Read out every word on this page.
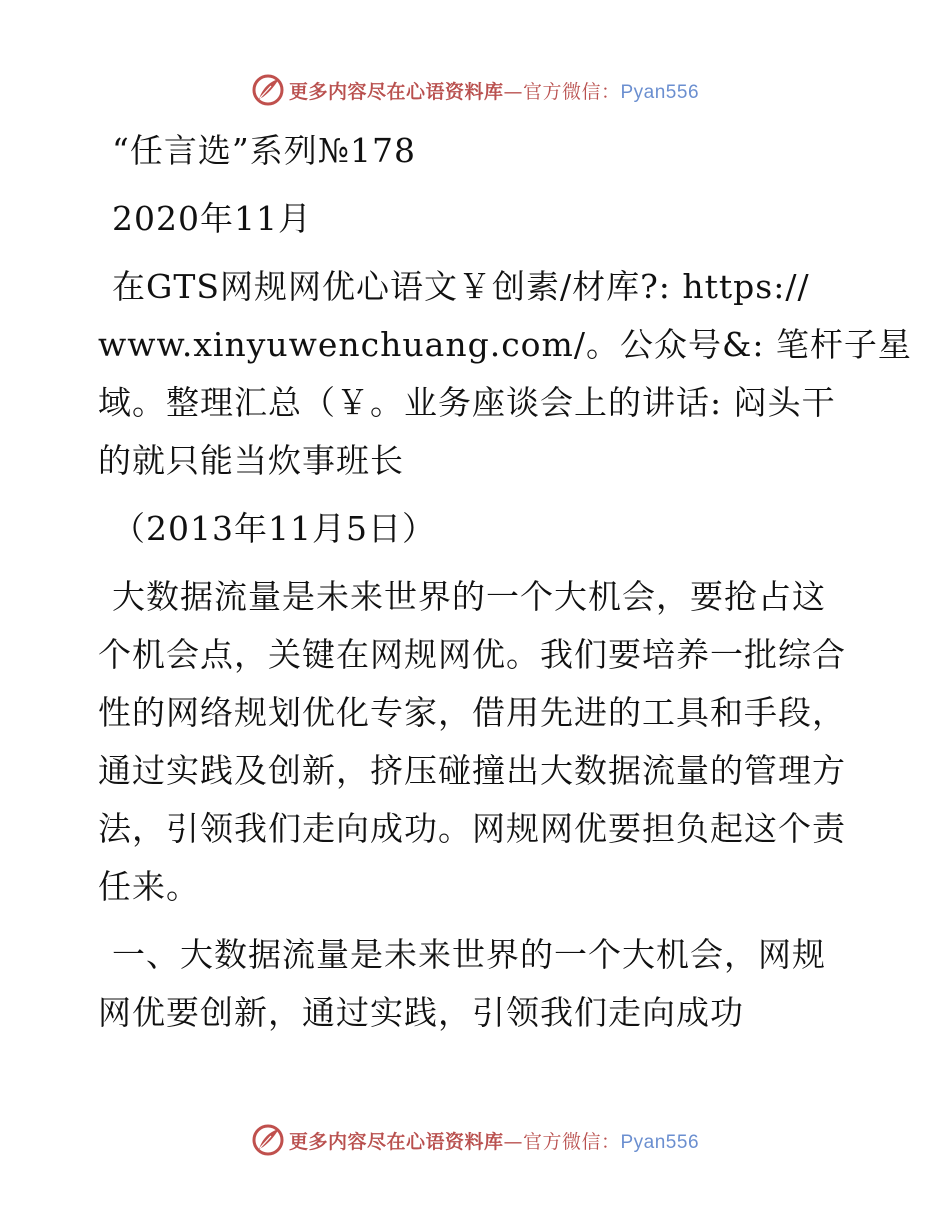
更多内容尽在心语资料库—官方微信：Pyan556

“任言选”系列№178

2020年11月

在GTS网规网优心语文￥创素/材库?: https://

www.xinyuwenchuang.com/。公众号&: 笔杆子星

域。整理汇总（￥。业务座谈会上的讲话: 闷头干

的就只能当炊事班长

（2013年11月5日）

大数据流量是未来世界的一个大机会，要抢占这

个机会点，关键在网规网优。我们要培养一批综合

性的网络规划优化专家，借用先进的工具和手段，

通过实践及创新，挤压碰撞出大数据流量的管理方

法，引领我们走向成功。网规网优要担负起这个责

任来。

一、大数据流量是未来世界的一个大机会，网规

网优要创新，通过实践，引领我们走向成功

更多内容尽在心语资料库—官方微信：Pyan556
